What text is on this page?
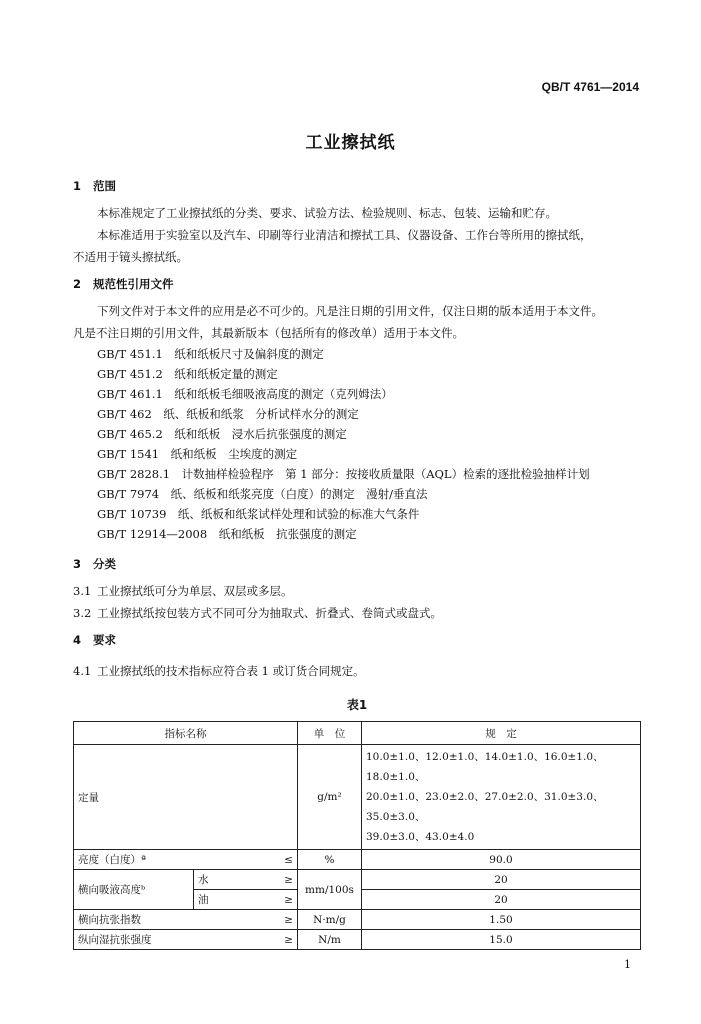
QB/T 4761—2014
工业擦拭纸
1 范围

本标准规定了工业擦拭纸的分类、要求、试验方法、检验规则、标志、包装、运输和贮存。

本标准适用于实验室以及汽车、印刷等行业清洁和擦拭工具、仪器设备、工作台等所用的擦拭纸，

不适用于镜头擦拭纸。

2 规范性引用文件

下列文件对于本文件的应用是必不可少的。凡是注日期的引用文件，仅注日期的版本适用于本文件。

凡是不注日期的引用文件，其最新版本（包括所有的修改单）适用于本文件。

GB/T 451.1　纸和纸板尺寸及偏斜度的测定

GB/T 451.2　纸和纸板定量的测定

GB/T 461.1　纸和纸板毛细吸液高度的测定（克列姆法）

GB/T 462　纸、纸板和纸浆　分析试样水分的测定

GB/T 465.2　纸和纸板　浸水后抗张强度的测定

GB/T 1541　纸和纸板　尘埃度的测定

GB/T 2828.1　计数抽样检验程序　第 1 部分：按接收质量限（AQL）检索的逐批检验抽样计划

GB/T 7974　纸、纸板和纸浆亮度（白度）的测定　漫射/垂直法

GB/T 10739　纸、纸板和纸浆试样处理和试验的标准大气条件

GB/T 12914—2008　纸和纸板　抗张强度的测定

3 分类

3.1 工业擦拭纸可分为单层、双层或多层。

3.2 工业擦拭纸按包装方式不同可分为抽取式、折叠式、卷筒式或盘式。

4 要求

4.1 工业擦拭纸的技术指标应符合表 1 或订货合同规定。

表1
指标名称			单　位	规　定
定量			g/m²	10.0±1.0、12.0±1.0、14.0±1.0、16.0±1.0、18.0±1.0、
20.0±1.0、23.0±2.0、27.0±2.0、31.0±3.0、35.0±3.0、
39.0±3.0、43.0±4.0

亮度（白度）ª		≤	%	90.0
横向吸液高度ᵇ	水	≥	mm/100s	20
	油	≥		20
横向抗张指数		≥	N·m/g	1.50
纵向湿抗张强度		≥	N/m	15.0
1
